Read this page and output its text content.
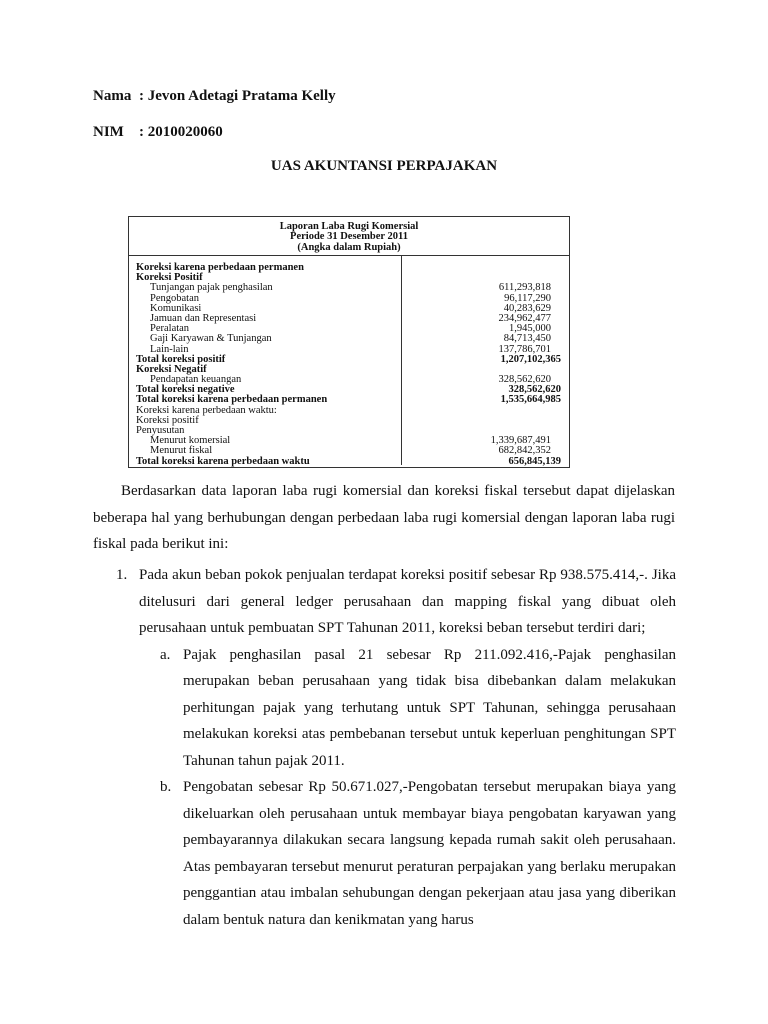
Nama : Jevon Adetagi Pratama Kelly
NIM : 2010020060
UAS AKUNTANSI PERPAJAKAN
Laporan Laba Rugi Komersial
Periode 31 Desember 2011
(Angka dalam Rupiah)
Koreksi karena perbedaan permanen
Koreksi Positif
Tunjangan pajak penghasilan	611,293,818
Pengobatan	96,117,290
Komunikasi	40,283,629
Jamuan dan Representasi	234,962,477
Peralatan	1,945,000
Gaji Karyawan & Tunjangan	84,713,450
Lain-lain	137,786,701
Total koreksi positif	1,207,102,365
Koreksi Negatif
Pendapatan keuangan	328,562,620
Total koreksi negative	328,562,620
Total koreksi karena perbedaan permanen	1,535,664,985
Koreksi karena perbedaan waktu:
Koreksi positif
Penyusutan
Menurut komersial	1,339,687,491
Menurut fiskal	682,842,352
Total koreksi karena perbedaan waktu	656,845,139

Berdasarkan data laporan laba rugi komersial dan koreksi fiskal tersebut dapat dijelaskan beberapa hal yang berhubungan dengan perbedaan laba rugi komersial dengan laporan laba rugi fiskal pada berikut ini:

1. Pada akun beban pokok penjualan terdapat koreksi positif sebesar Rp 938.575.414,-. Jika ditelusuri dari general ledger perusahaan dan mapping fiskal yang dibuat oleh perusahaan untuk pembuatan SPT Tahunan 2011, koreksi beban tersebut terdiri dari;
a. Pajak penghasilan pasal 21 sebesar Rp 211.092.416,-Pajak penghasilan merupakan beban perusahaan yang tidak bisa dibebankan dalam melakukan perhitungan pajak yang terhutang untuk SPT Tahunan, sehingga perusahaan melakukan koreksi atas pembebanan tersebut untuk keperluan penghitungan SPT Tahunan tahun pajak 2011.
b. Pengobatan sebesar Rp 50.671.027,-Pengobatan tersebut merupakan biaya yang dikeluarkan oleh perusahaan untuk membayar biaya pengobatan karyawan yang pembayarannya dilakukan secara langsung kepada rumah sakit oleh perusahaan. Atas pembayaran tersebut menurut peraturan perpajakan yang berlaku merupakan penggantian atau imbalan sehubungan dengan pekerjaan atau jasa yang diberikan dalam bentuk natura dan kenikmatan yang harus
